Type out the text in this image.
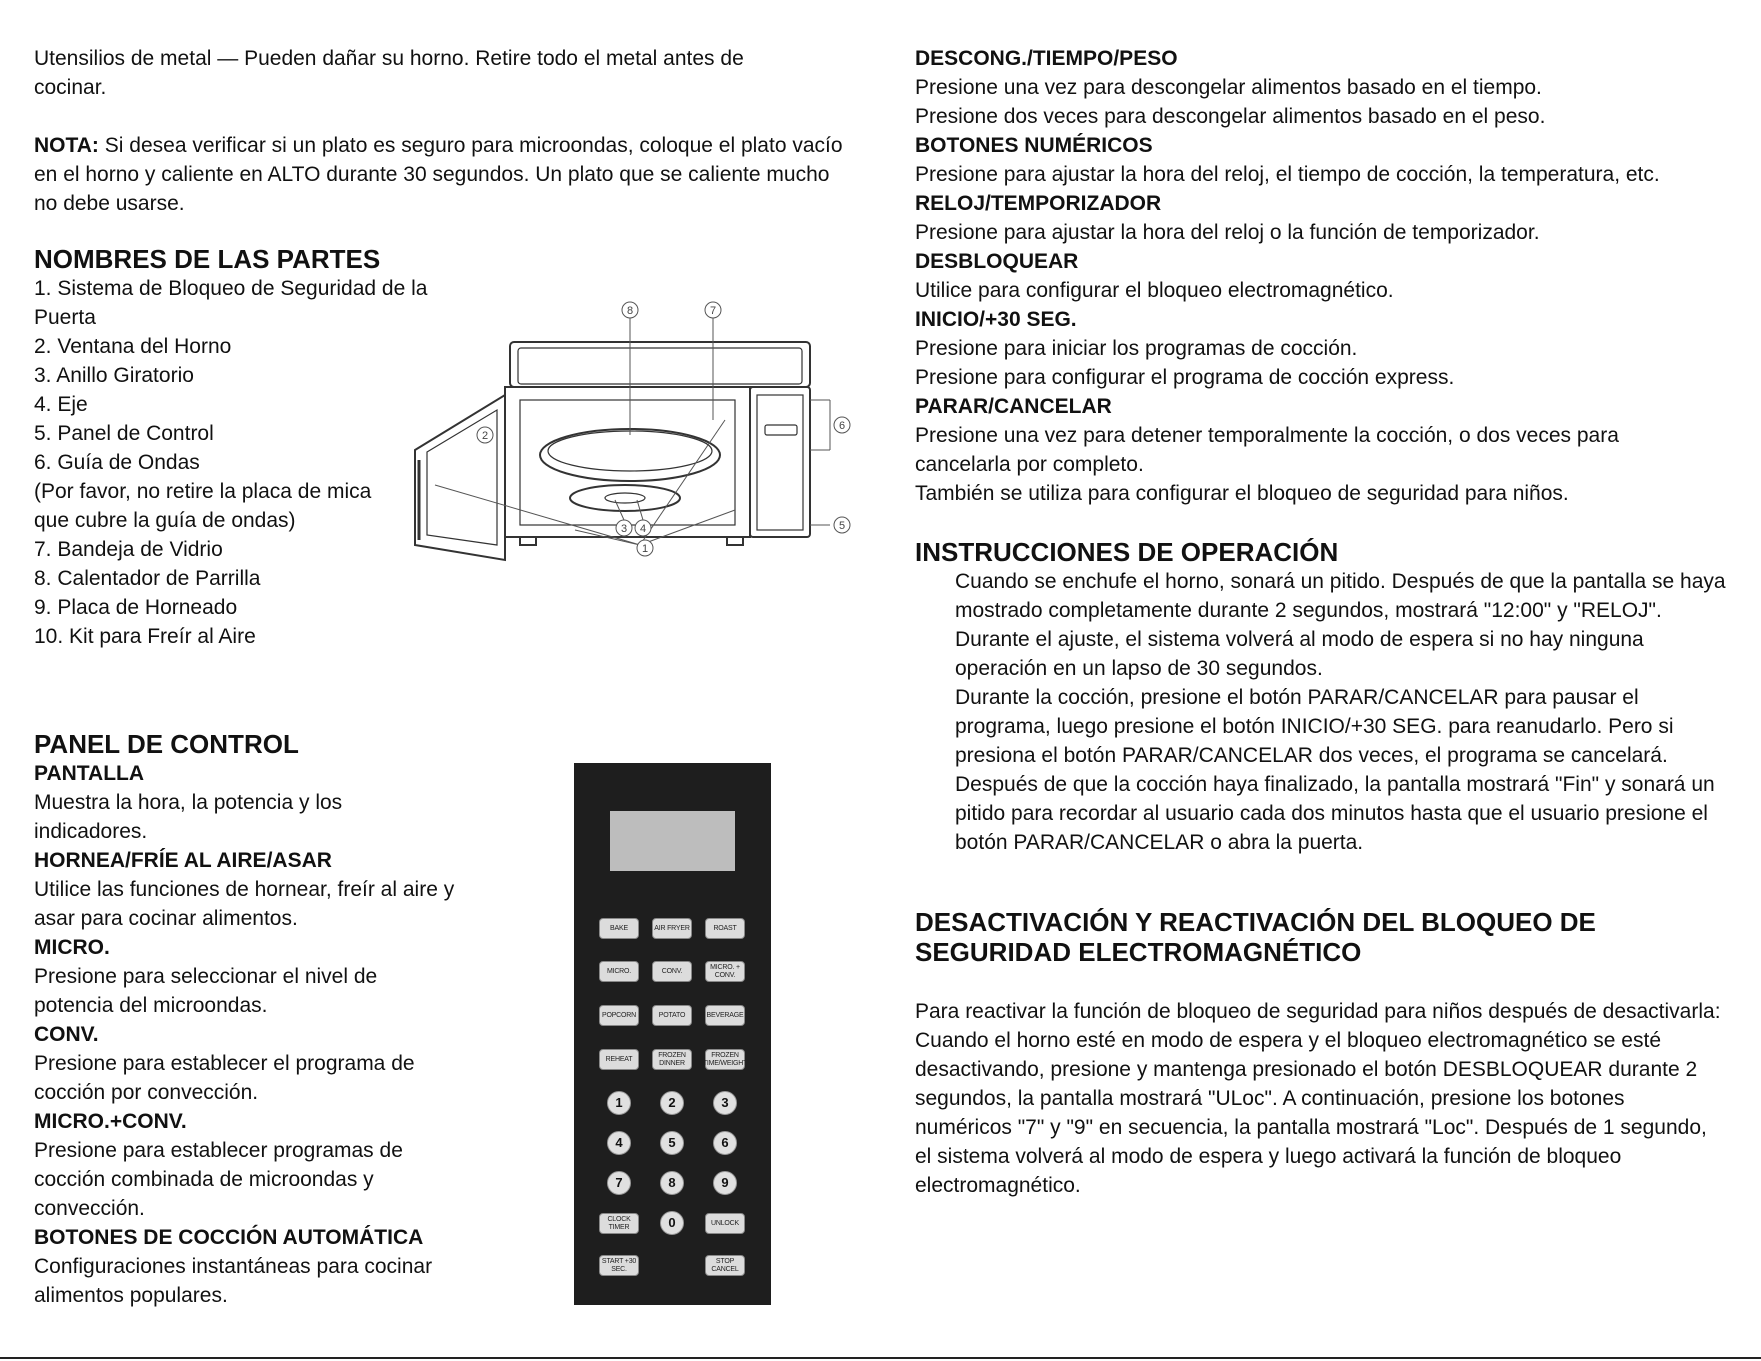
Utensilios de metal — Pueden dañar su horno. Retire todo el metal antes de cocinar.

NOTA: Si desea verificar si un plato es seguro para microondas, coloque el plato vacío en el horno y caliente en ALTO durante 30 segundos. Un plato que se caliente mucho no debe usarse.

NOMBRES DE LAS PARTES
1. Sistema de Bloqueo de Seguridad de la Puerta
2. Ventana del Horno
3. Anillo Giratorio
4. Eje
5. Panel de Control
6. Guía de Ondas
(Por favor, no retire la placa de mica
que cubre la guía de ondas)
7. Bandeja de Vidrio
8. Calentador de Parrilla
9. Placa de Horneado
10. Kit para Freír al Aire
8	7
2
6
5
3 4
1
PANEL DE CONTROL
PANTALLA
Muestra la hora, la potencia y los indicadores.
HORNEA/FRÍE AL AIRE/ASAR
Utilice las funciones de hornear, freír al aire y asar para cocinar alimentos.
MICRO.
Presione para seleccionar el nivel de potencia del microondas.
CONV.
Presione para establecer el programa de cocción por convección.
MICRO.+CONV.
Presione para establecer programas de cocción combinada de microondas y convección.
BOTONES DE COCCIÓN AUTOMÁTICA
Configuraciones instantáneas para cocinar alimentos populares.
BAKE	AIR FRYER	ROAST
MICRO.	CONV.
MICRO. + CONV.
POPCORN	POTATO	BEVERAGE
REHEAT
FROZEN DINNER
FROZEN TIME/WEIGHT
1	2	3
4	5	6
7	8	9
CLOCK TIMER	0	UNLOCK
START +30 SEC.
STOP CANCEL
DESCONG./TIEMPO/PESO
Presione una vez para descongelar alimentos basado en el tiempo.
Presione dos veces para descongelar alimentos basado en el peso.
BOTONES NUMÉRICOS
Presione para ajustar la hora del reloj, el tiempo de cocción, la temperatura, etc.
RELOJ/TEMPORIZADOR
Presione para ajustar la hora del reloj o la función de temporizador.
DESBLOQUEAR
Utilice para configurar el bloqueo electromagnético.
INICIO/+30 SEG.
Presione para iniciar los programas de cocción.
Presione para configurar el programa de cocción express.
PARAR/CANCELAR
Presione una vez para detener temporalmente la cocción, o dos veces para cancelarla por completo.
También se utiliza para configurar el bloqueo de seguridad para niños.
INSTRUCCIONES DE OPERACIÓN
Cuando se enchufe el horno, sonará un pitido. Después de que la pantalla se haya mostrado completamente durante 2 segundos, mostrará "12:00" y "RELOJ".
Durante el ajuste, el sistema volverá al modo de espera si no hay ninguna operación en un lapso de 30 segundos.
Durante la cocción, presione el botón PARAR/CANCELAR para pausar el programa, luego presione el botón INICIO/+30 SEG. para reanudarlo. Pero si presiona el botón PARAR/CANCELAR dos veces, el programa se cancelará.
Después de que la cocción haya finalizado, la pantalla mostrará "Fin" y sonará un pitido para recordar al usuario cada dos minutos hasta que el usuario presione el botón PARAR/CANCELAR o abra la puerta.
DESACTIVACIÓN Y REACTIVACIÓN DEL BLOQUEO DE SEGURIDAD ELECTROMAGNÉTICO

Para reactivar la función de bloqueo de seguridad para niños después de desactivarla: Cuando el horno esté en modo de espera y el bloqueo electromagnético se esté desactivando, presione y mantenga presionado el botón DESBLOQUEAR durante 2 segundos, la pantalla mostrará "ULoc". A continuación, presione los botones numéricos "7" y "9" en secuencia, la pantalla mostrará "Loc". Después de 1 segundo, el sistema volverá al modo de espera y luego activará la función de bloqueo electromagnético.
